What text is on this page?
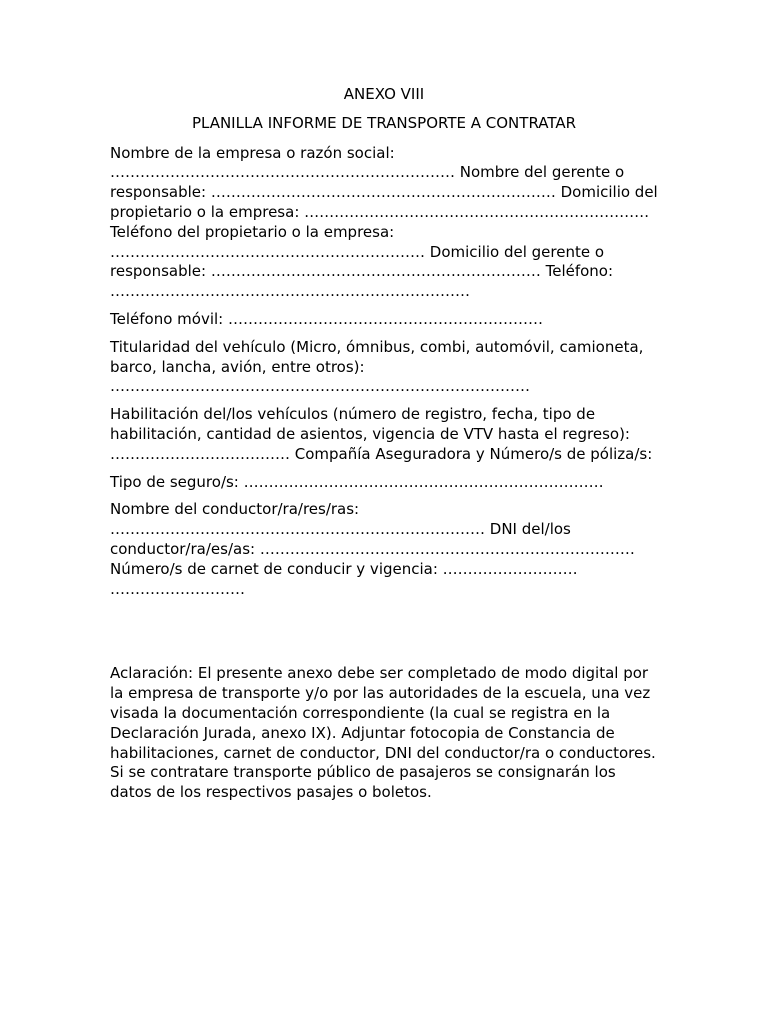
ANEXO VIII

PLANILLA INFORME DE TRANSPORTE A CONTRATAR

Nombre de la empresa o razón social: …………………………………………………………… Nombre del gerente o responsable: …………………………………………………………… Domicilio del propietario o la empresa: …………………………………………………………… Teléfono del propietario o la empresa: ……………………………………………………… Domicilio del gerente o responsable: ………………………………………………………… Teléfono: ………………………………………………………………

Teléfono móvil: ………………………………………………………

Titularidad del vehículo (Micro, ómnibus, combi, automóvil, camioneta, barco, lancha, avión, entre otros): …………………………………………………………………………

Habilitación del/los vehículos (número de registro, fecha, tipo de habilitación, cantidad de asientos, vigencia de VTV hasta el regreso): ……………………………… Compañía Aseguradora y Número/s de póliza/s:

Tipo de seguro/s: ………………………………………………………………

Nombre del conductor/ra/res/ras: ………………………………………………………………… DNI del/los conductor/ra/es/as: ………………………………………………………………… Número/s de carnet de conducir y vigencia: ……………………… ………………………

Aclaración: El presente anexo debe ser completado de modo digital por la empresa de transporte y/o por las autoridades de la escuela, una vez visada la documentación correspondiente (la cual se registra en la Declaración Jurada, anexo IX). Adjuntar fotocopia de Constancia de habilitaciones, carnet de conductor, DNI del conductor/ra o conductores. Si se contratare transporte público de pasajeros se consignarán los datos de los respectivos pasajes o boletos.
